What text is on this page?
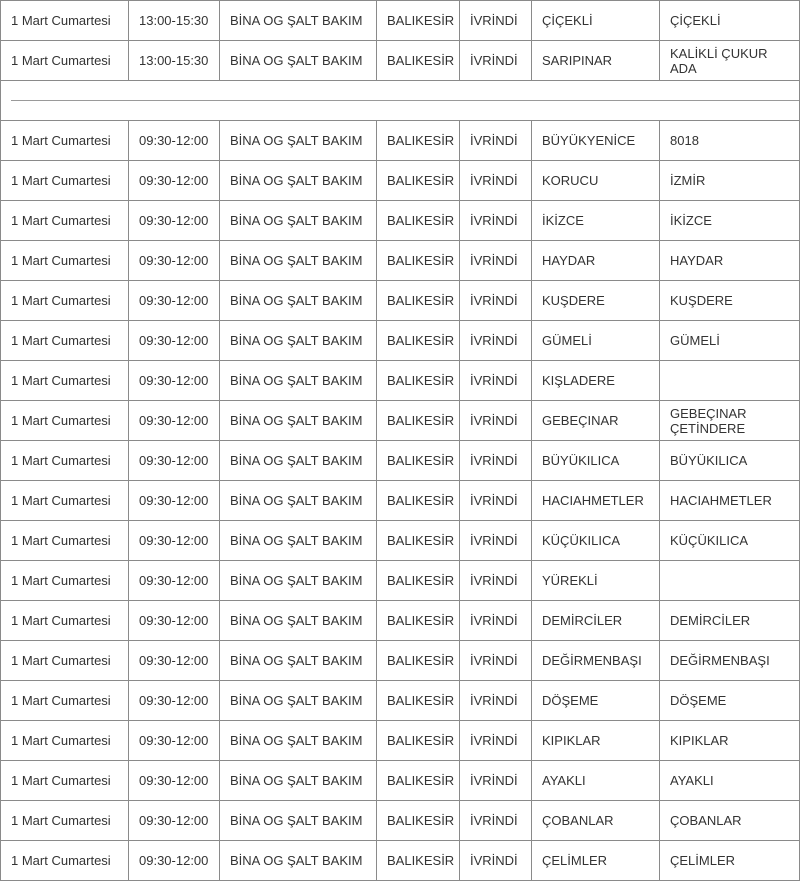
1 Mart Cumartesi	13:00-15:30	BİNA OG ŞALT BAKIM	BALIKESİR	İVRİNDİ	ÇİÇEKLİ	ÇİÇEKLİ
1 Mart Cumartesi	13:00-15:30	BİNA OG ŞALT BAKIM	BALIKESİR	İVRİNDİ	SARIPINAR	KALİKLİ ÇUKUR ADA
1 Mart Cumartesi	09:30-12:00	BİNA OG ŞALT BAKIM	BALIKESİR	İVRİNDİ	BÜYÜKYENİCE	8018
1 Mart Cumartesi	09:30-12:00	BİNA OG ŞALT BAKIM	BALIKESİR	İVRİNDİ	KORUCU	İZMİR
1 Mart Cumartesi	09:30-12:00	BİNA OG ŞALT BAKIM	BALIKESİR	İVRİNDİ	İKİZCE	İKİZCE
1 Mart Cumartesi	09:30-12:00	BİNA OG ŞALT BAKIM	BALIKESİR	İVRİNDİ	HAYDAR	HAYDAR
1 Mart Cumartesi	09:30-12:00	BİNA OG ŞALT BAKIM	BALIKESİR	İVRİNDİ	KUŞDERE	KUŞDERE
1 Mart Cumartesi	09:30-12:00	BİNA OG ŞALT BAKIM	BALIKESİR	İVRİNDİ	GÜMELİ	GÜMELİ
1 Mart Cumartesi	09:30-12:00	BİNA OG ŞALT BAKIM	BALIKESİR	İVRİNDİ	KIŞLADERE
1 Mart Cumartesi	09:30-12:00	BİNA OG ŞALT BAKIM	BALIKESİR	İVRİNDİ	GEBEÇINAR	GEBEÇINAR ÇETİNDERE
1 Mart Cumartesi	09:30-12:00	BİNA OG ŞALT BAKIM	BALIKESİR	İVRİNDİ	BÜYÜKILICA	BÜYÜKILICA
1 Mart Cumartesi	09:30-12:00	BİNA OG ŞALT BAKIM	BALIKESİR	İVRİNDİ	HACIAHMETLER	HACIAHMETLER
1 Mart Cumartesi	09:30-12:00	BİNA OG ŞALT BAKIM	BALIKESİR	İVRİNDİ	KÜÇÜKILICA	KÜÇÜKILICA
1 Mart Cumartesi	09:30-12:00	BİNA OG ŞALT BAKIM	BALIKESİR	İVRİNDİ	YÜREKLİ
1 Mart Cumartesi	09:30-12:00	BİNA OG ŞALT BAKIM	BALIKESİR	İVRİNDİ	DEMİRCİLER	DEMİRCİLER
1 Mart Cumartesi	09:30-12:00	BİNA OG ŞALT BAKIM	BALIKESİR	İVRİNDİ	DEĞİRMENBAŞI	DEĞİRMENBAŞI
1 Mart Cumartesi	09:30-12:00	BİNA OG ŞALT BAKIM	BALIKESİR	İVRİNDİ	DÖŞEME	DÖŞEME
1 Mart Cumartesi	09:30-12:00	BİNA OG ŞALT BAKIM	BALIKESİR	İVRİNDİ	KIPIKLAR	KIPIKLAR
1 Mart Cumartesi	09:30-12:00	BİNA OG ŞALT BAKIM	BALIKESİR	İVRİNDİ	AYAKLI	AYAKLI
1 Mart Cumartesi	09:30-12:00	BİNA OG ŞALT BAKIM	BALIKESİR	İVRİNDİ	ÇOBANLAR	ÇOBANLAR
1 Mart Cumartesi	09:30-12:00	BİNA OG ŞALT BAKIM	BALIKESİR	İVRİNDİ	ÇELİMLER	ÇELİMLER
